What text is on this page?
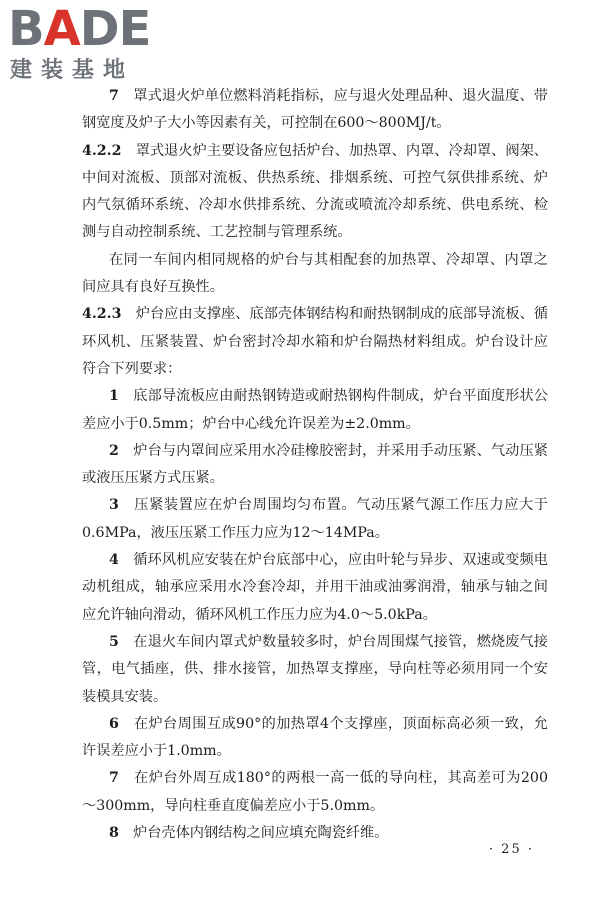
BADE
建装基地

7　 罩式退火炉单位燃料消耗指标，应与退火处理品种、退火温度、带钢宽度及炉子大小等因素有关，可控制在600～800MJ/t。

4.2.2　 罩式退火炉主要设备应包括炉台、加热罩、内罩、冷却罩、阀架、中间对流板、顶部对流板、供热系统、排烟系统、可控气氛供排系统、炉内气氛循环系统、冷却水供排系统、分流或喷流冷却系统、供电系统、检测与自动控制系统、工艺控制与管理系统。

在同一车间内相同规格的炉台与其相配套的加热罩、冷却罩、内罩之间应具有良好互换性。

4.2.3　 炉台应由支撑座、底部壳体钢结构和耐热钢制成的底部导流板、循环风机、压紧装置、炉台密封冷却水箱和炉台隔热材料组成。炉台设计应符合下列要求：

1　 底部导流板应由耐热钢铸造或耐热钢构件制成，炉台平面度形状公差应小于0.5mm；炉台中心线允许误差为±2.0mm。

2　 炉台与内罩间应采用水冷硅橡胶密封，并采用手动压紧、气动压紧或液压压紧方式压紧。

3　 压紧装置应在炉台周围均匀布置。气动压紧气源工作压力应大于0.6MPa，液压压紧工作压力应为12～14MPa。

4　 循环风机应安装在炉台底部中心，应由叶轮与异步、双速或变频电动机组成，轴承应采用水冷套冷却，并用干油或油雾润滑，轴承与轴之间应允许轴向滑动，循环风机工作压力应为4.0～5.0kPa。

5　 在退火车间内罩式炉数量较多时，炉台周围煤气接管，燃烧废气接管，电气插座，供、排水接管，加热罩支撑座，导向柱等必须用同一个安装模具安装。

6　 在炉台周围互成90°的加热罩4个支撑座，顶面标高必须一致，允许误差应小于1.0mm。

7　 在炉台外周互成180°的两根一高一低的导向柱，其高差可为200～300mm，导向柱垂直度偏差应小于5.0mm。

8　 炉台壳体内钢结构之间应填充陶瓷纤维。

· 25 ·
